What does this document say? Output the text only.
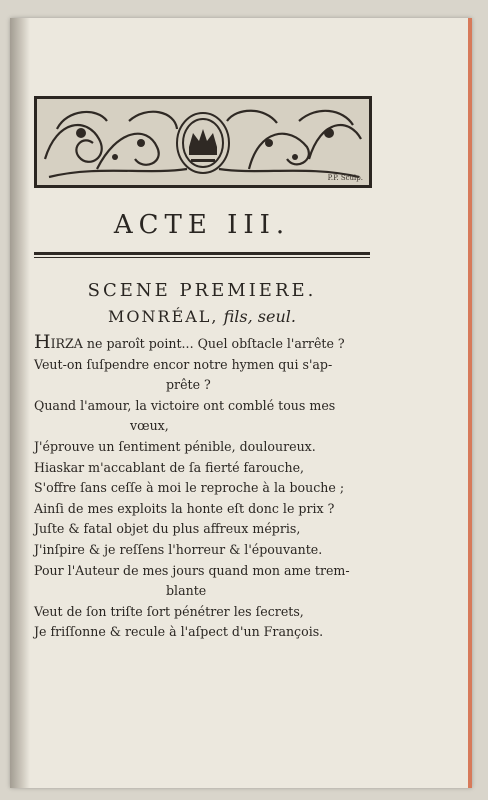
P.P. Sculp.
ACTE III.
SCENE PREMIERE.
MONRÉAL, fils, seul.
HIRZA ne paroît point... Quel obſtacle l'arrête ?
Veut-on ſuſpendre encor notre hymen qui s'ap-
prête ?
Quand l'amour, la victoire ont comblé tous mes
vœux,
J'éprouve un ſentiment pénible, douloureux.
Hiaskar m'accablant de ſa fierté farouche,
S'offre ſans ceſſe à moi le reproche à la bouche ;
Ainſi de mes exploits la honte eſt donc le prix ?
Juſte & fatal objet du plus affreux mépris,
J'inſpire & je reſſens l'horreur & l'épouvante.
Pour l'Auteur de mes jours quand mon ame trem-
blante
Veut de ſon triſte ſort pénétrer les ſecrets,
Je friſſonne & recule à l'aſpect d'un François.
